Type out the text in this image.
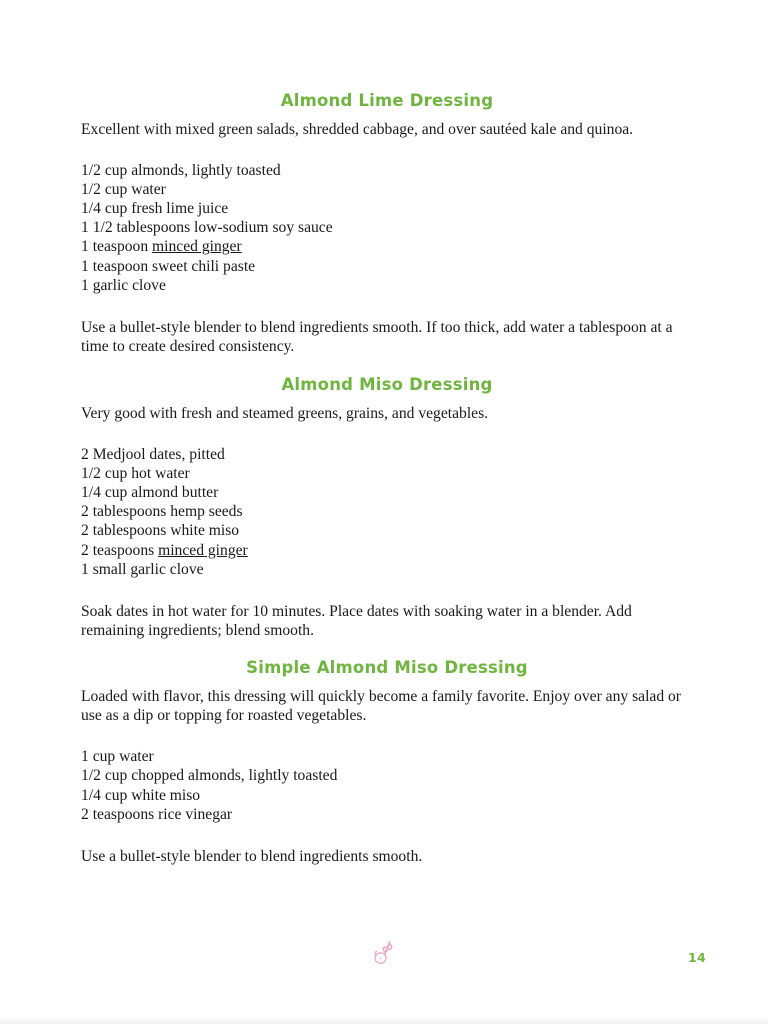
Almond Lime Dressing

Excellent with mixed green salads, shredded cabbage, and over sautéed kale and quinoa.

1/2 cup almonds, lightly toasted
1/2 cup water
1/4 cup fresh lime juice
1 1/2 tablespoons low-sodium soy sauce
1 teaspoon minced ginger
1 teaspoon sweet chili paste
1 garlic clove

Use a bullet-style blender to blend ingredients smooth. If too thick, add water a tablespoon at a time to create desired consistency.

Almond Miso Dressing

Very good with fresh and steamed greens, grains, and vegetables.

2 Medjool dates, pitted
1/2 cup hot water
1/4 cup almond butter
2 tablespoons hemp seeds
2 tablespoons white miso
2 teaspoons minced ginger
1 small garlic clove

Soak dates in hot water for 10 minutes. Place dates with soaking water in a blender. Add remaining ingredients; blend smooth.

Simple Almond Miso Dressing

Loaded with flavor, this dressing will quickly become a family favorite. Enjoy over any salad or use as a dip or topping for roasted vegetables.

1 cup water
1/2 cup chopped almonds, lightly toasted
1/4 cup white miso
2 teaspoons rice vinegar

Use a bullet-style blender to blend ingredients smooth.

14
